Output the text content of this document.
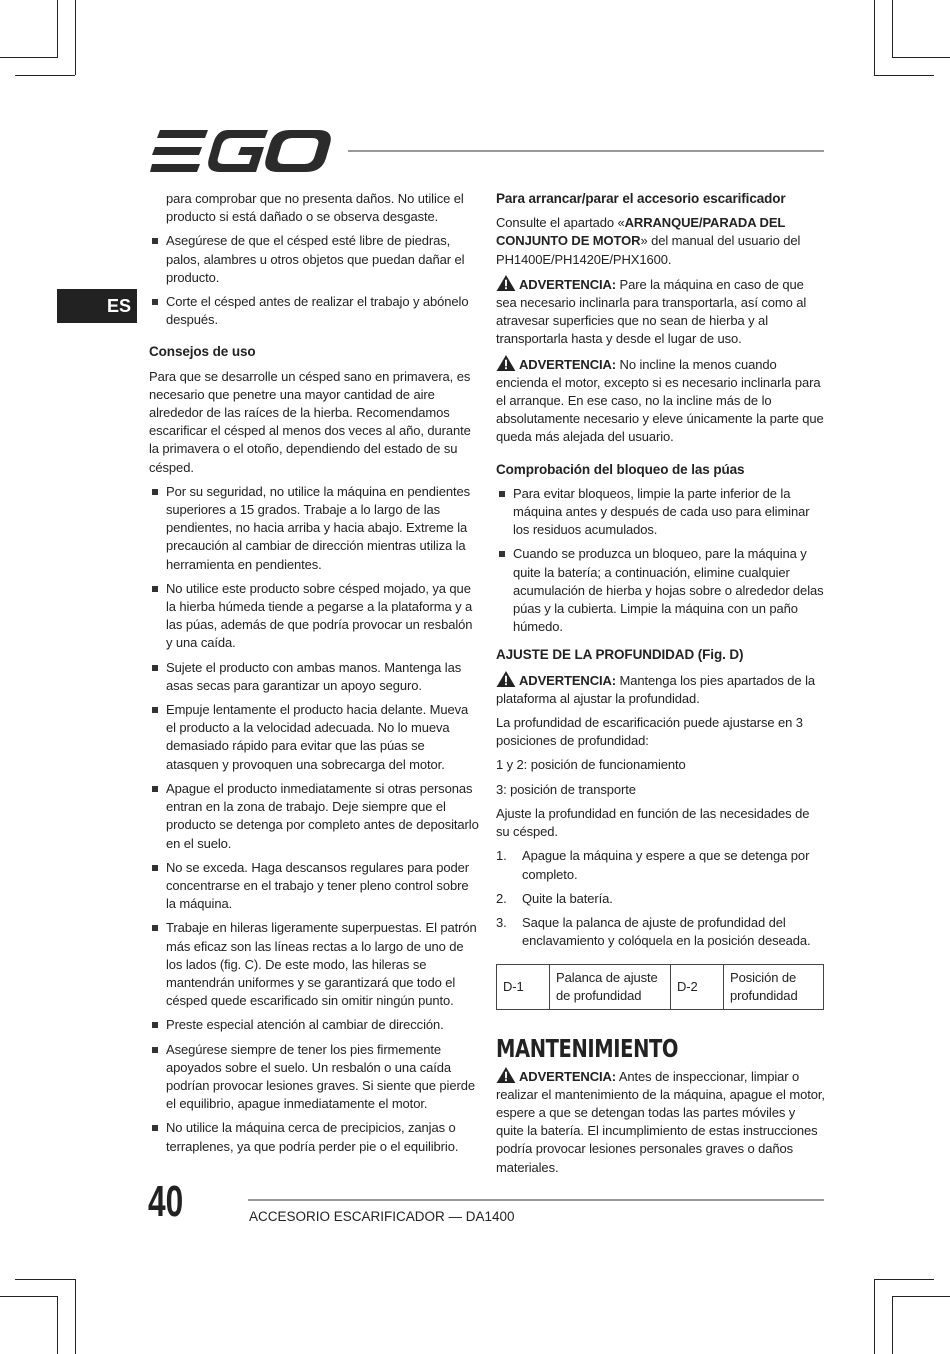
ES

para comprobar que no presenta daños. No utilice el producto si está dañado o se observa desgaste.

Asegúrese de que el césped esté libre de piedras, palos, alambres u otros objetos que puedan dañar el producto.
Corte el césped antes de realizar el trabajo y abónelo después.
Consejos de uso

Para que se desarrolle un césped sano en primavera, es necesario que penetre una mayor cantidad de aire alrededor de las raíces de la hierba. Recomendamos escarificar el césped al menos dos veces al año, durante la primavera o el otoño, dependiendo del estado de su césped.

Por su seguridad, no utilice la máquina en pendientes superiores a 15 grados. Trabaje a lo largo de las pendientes, no hacia arriba y hacia abajo. Extreme la precaución al cambiar de dirección mientras utiliza la herramienta en pendientes.
No utilice este producto sobre césped mojado, ya que la hierba húmeda tiende a pegarse a la plataforma y a las púas, además de que podría provocar un resbalón y una caída.
Sujete el producto con ambas manos. Mantenga las asas secas para garantizar un apoyo seguro.
Empuje lentamente el producto hacia delante. Mueva el producto a la velocidad adecuada. No lo mueva demasiado rápido para evitar que las púas se atasquen y provoquen una sobrecarga del motor.
Apague el producto inmediatamente si otras personas entran en la zona de trabajo. Deje siempre que el producto se detenga por completo antes de depositarlo en el suelo.
No se exceda. Haga descansos regulares para poder concentrarse en el trabajo y tener pleno control sobre la máquina.
Trabaje en hileras ligeramente superpuestas. El patrón más eficaz son las líneas rectas a lo largo de uno de los lados (fig. C). De este modo, las hileras se mantendrán uniformes y se garantizará que todo el césped quede escarificado sin omitir ningún punto.
Preste especial atención al cambiar de dirección.
Asegúrese siempre de tener los pies firmemente apoyados sobre el suelo. Un resbalón o una caída podrían provocar lesiones graves. Si siente que pierde el equilibrio, apague inmediatamente el motor.
No utilice la máquina cerca de precipicios, zanjas o terraplenes, ya que podría perder pie o el equilibrio.
Para arrancar/parar el accesorio escarificador

Consulte el apartado «ARRANQUE/PARADA DEL CONJUNTO DE MOTOR» del manual del usuario del PH1400E/PH1420E/PHX1600.

ADVERTENCIA: Pare la máquina en caso de que sea necesario inclinarla para transportarla, así como al atravesar superficies que no sean de hierba y al transportarla hasta y desde el lugar de uso.

ADVERTENCIA: No incline la menos cuando encienda el motor, excepto si es necesario inclinarla para el arranque. En ese caso, no la incline más de lo absolutamente necesario y eleve únicamente la parte que queda más alejada del usuario.

Comprobación del bloqueo de las púas
Para evitar bloqueos, limpie la parte inferior de la máquina antes y después de cada uso para eliminar los residuos acumulados.
Cuando se produzca un bloqueo, pare la máquina y quite la batería; a continuación, elimine cualquier acumulación de hierba y hojas sobre o alrededor delas púas y la cubierta. Limpie la máquina con un paño húmedo.
AJUSTE DE LA PROFUNDIDAD (Fig. D)

ADVERTENCIA: Mantenga los pies apartados de la plataforma al ajustar la profundidad.

La profundidad de escarificación puede ajustarse en 3 posiciones de profundidad:

1 y 2: posición de funcionamiento

3: posición de transporte

Ajuste la profundidad en función de las necesidades de su césped.

1. Apague la máquina y espere a que se detenga por completo.
2. Quite la batería.
3. Saque la palanca de ajuste de profundidad del enclavamiento y colóquela en la posición deseada.
D-1	Palanca de ajuste de profundidad	D-2	Posición de profundidad
MANTENIMIENTO

ADVERTENCIA: Antes de inspeccionar, limpiar o realizar el mantenimiento de la máquina, apague el motor, espere a que se detengan todas las partes móviles y quite la batería. El incumplimiento de estas instrucciones podría provocar lesiones personales graves o daños materiales.

40	ACCESORIO ESCARIFICADOR — DA1400
